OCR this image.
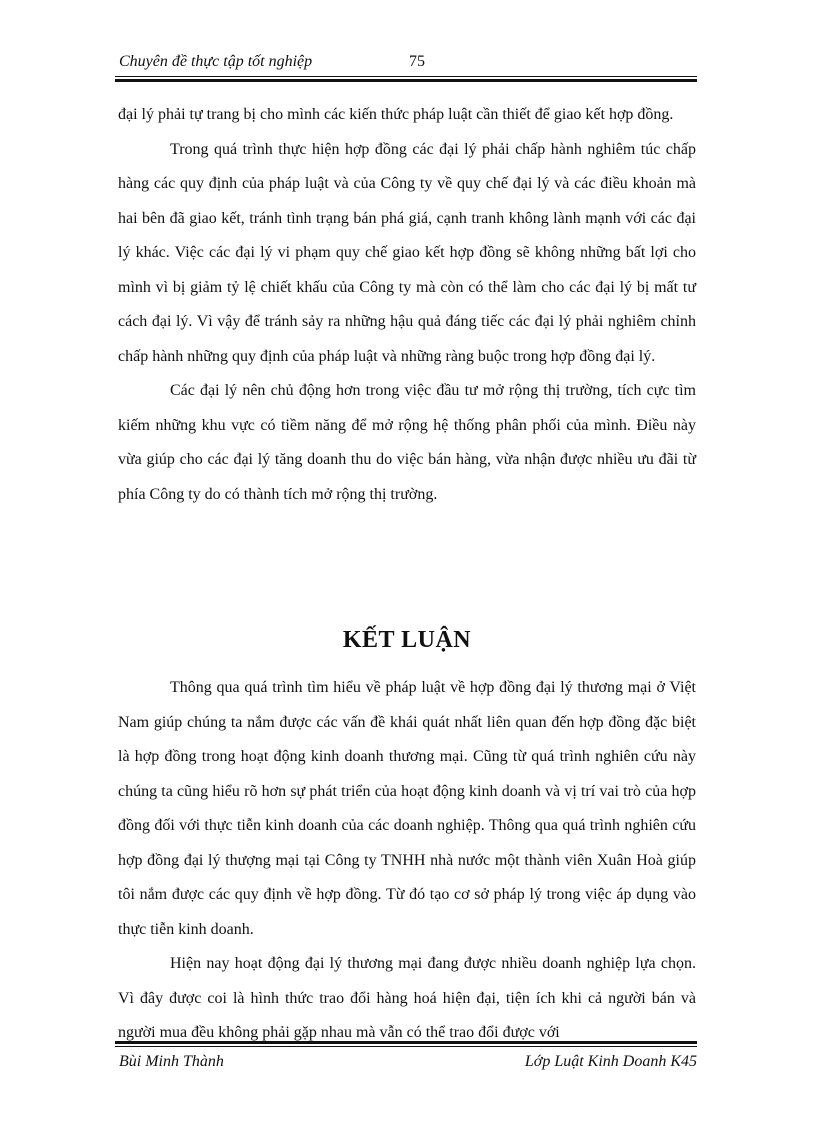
Chuyên đề thực tập tốt nghiệp	75

đại lý phải tự trang bị cho mình các kiến thức pháp luật cần thiết để giao kết hợp đồng.

Trong quá trình thực hiện hợp đồng các đại lý phải chấp hành nghiêm túc chấp hàng các quy định của pháp luật và của Công ty về quy chế đại lý và các điều khoản mà hai bên đã giao kết, tránh tình trạng bán phá giá, cạnh tranh không lành mạnh với các đại lý khác. Việc các đại lý vi phạm quy chế giao kết hợp đồng sẽ không những bất lợi cho mình vì bị giảm tỷ lệ chiết khấu của Công ty mà còn có thể làm cho các đại lý bị mất tư cách đại lý. Vì vậy để tránh sảy ra những hậu quả đáng tiếc các đại lý phải nghiêm chỉnh chấp hành những quy định của pháp luật và những ràng buộc trong hợp đồng đại lý.

Các đại lý nên chủ động hơn trong việc đầu tư mở rộng thị trường, tích cực tìm kiếm những khu vực có tiềm năng để mở rộng hệ thống phân phối của mình. Điều này vừa giúp cho các đại lý tăng doanh thu do việc bán hàng, vừa nhận được nhiều ưu đãi từ phía Công ty do có thành tích mở rộng thị trường.

KẾT LUẬN

Thông qua quá trình tìm hiểu về pháp luật về hợp đồng đại lý thương mại ở Việt Nam giúp chúng ta nắm được các vấn đề khái quát nhất liên quan đến hợp đồng đặc biệt là hợp đồng trong hoạt động kinh doanh thương mại. Cũng từ quá trình nghiên cứu này chúng ta cũng hiểu rõ hơn sự phát triển của hoạt động kinh doanh và vị trí vai trò của hợp đồng đối với thực tiễn kinh doanh của các doanh nghiệp. Thông qua quá trình nghiên cứu hợp đồng đại lý thượng mại tại Công ty TNHH nhà nước một thành viên Xuân Hoà giúp tôi nắm được các quy định về hợp đồng. Từ đó tạo cơ sở pháp lý trong việc áp dụng vào thực tiễn kinh doanh.

Hiện nay hoạt động đại lý thương mại đang được nhiều doanh nghiệp lựa chọn. Vì đây được coi là hình thức trao đổi hàng hoá hiện đại, tiện ích khi cả người bán và người mua đều không phải gặp nhau mà vẫn có thể trao đổi được với

Bùi Minh Thành	Lớp Luật Kinh Doanh K45
